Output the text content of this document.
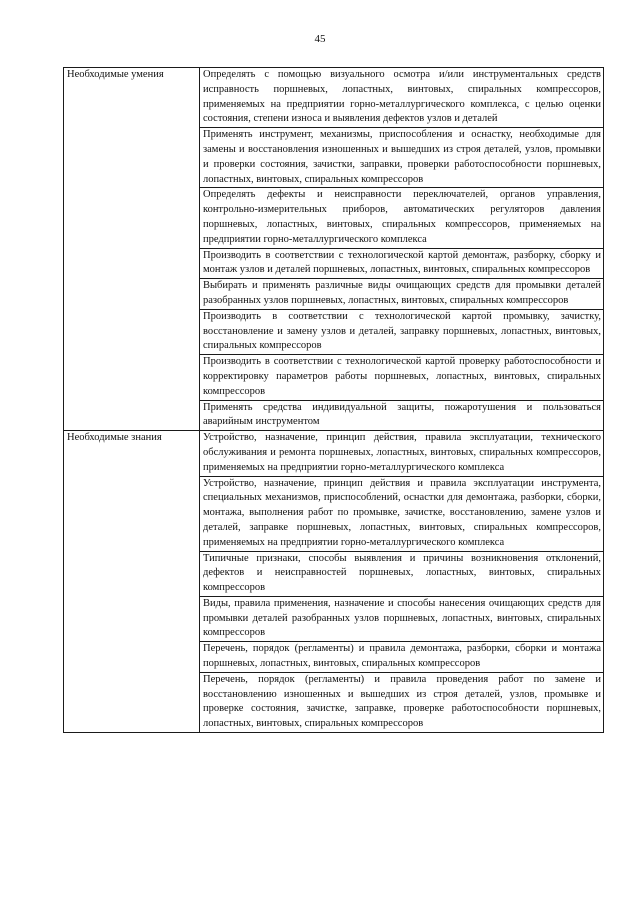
45
Необходимые умения	Определять с помощью визуального осмотра и/или инструментальных средств исправность поршневых, лопастных, винтовых, спиральных компрессоров, применяемых на предприятии горно-металлургического комплекса, с целью оценки состояния, степени износа и выявления дефектов узлов и деталей
	Применять инструмент, механизмы, приспособления и оснастку, необходимые для замены и восстановления изношенных и вышедших из строя деталей, узлов, промывки и проверки состояния, зачистки, заправки, проверки работоспособности поршневых, лопастных, винтовых, спиральных компрессоров
	Определять дефекты и неисправности переключателей, органов управления, контрольно-измерительных приборов, автоматических регуляторов давления поршневых, лопастных, винтовых, спиральных компрессоров, применяемых на предприятии горно-металлургического комплекса
	Производить в соответствии с технологической картой демонтаж, разборку, сборку и монтаж узлов и деталей поршневых, лопастных, винтовых, спиральных компрессоров
	Выбирать и применять различные виды очищающих средств для промывки деталей разобранных узлов поршневых, лопастных, винтовых, спиральных компрессоров
	Производить в соответствии с технологической картой промывку, зачистку, восстановление и замену узлов и деталей, заправку поршневых, лопастных, винтовых, спиральных компрессоров
	Производить в соответствии с технологической картой проверку работоспособности и корректировку параметров работы поршневых, лопастных, винтовых, спиральных компрессоров
	Применять средства индивидуальной защиты, пожаротушения и пользоваться аварийным инструментом
Необходимые знания	Устройство, назначение, принцип действия, правила эксплуатации, технического обслуживания и ремонта поршневых, лопастных, винтовых, спиральных компрессоров, применяемых на предприятии горно-металлургического комплекса
	Устройство, назначение, принцип действия и правила эксплуатации инструмента, специальных механизмов, приспособлений, оснастки для демонтажа, разборки, сборки, монтажа, выполнения работ по промывке, зачистке, восстановлению, замене узлов и деталей, заправке поршневых, лопастных, винтовых, спиральных компрессоров, применяемых на предприятии горно-металлургического комплекса
	Типичные признаки, способы выявления и причины возникновения отклонений, дефектов и неисправностей поршневых, лопастных, винтовых, спиральных компрессоров
	Виды, правила применения, назначение и способы нанесения очищающих средств для промывки деталей разобранных узлов поршневых, лопастных, винтовых, спиральных компрессоров
	Перечень, порядок (регламенты) и правила демонтажа, разборки, сборки и монтажа поршневых, лопастных, винтовых, спиральных компрессоров
	Перечень, порядок (регламенты) и правила проведения работ по замене и восстановлению изношенных и вышедших из строя деталей, узлов, промывке и проверке состояния, зачистке, заправке, проверке работоспособности поршневых, лопастных, винтовых, спиральных компрессоров
